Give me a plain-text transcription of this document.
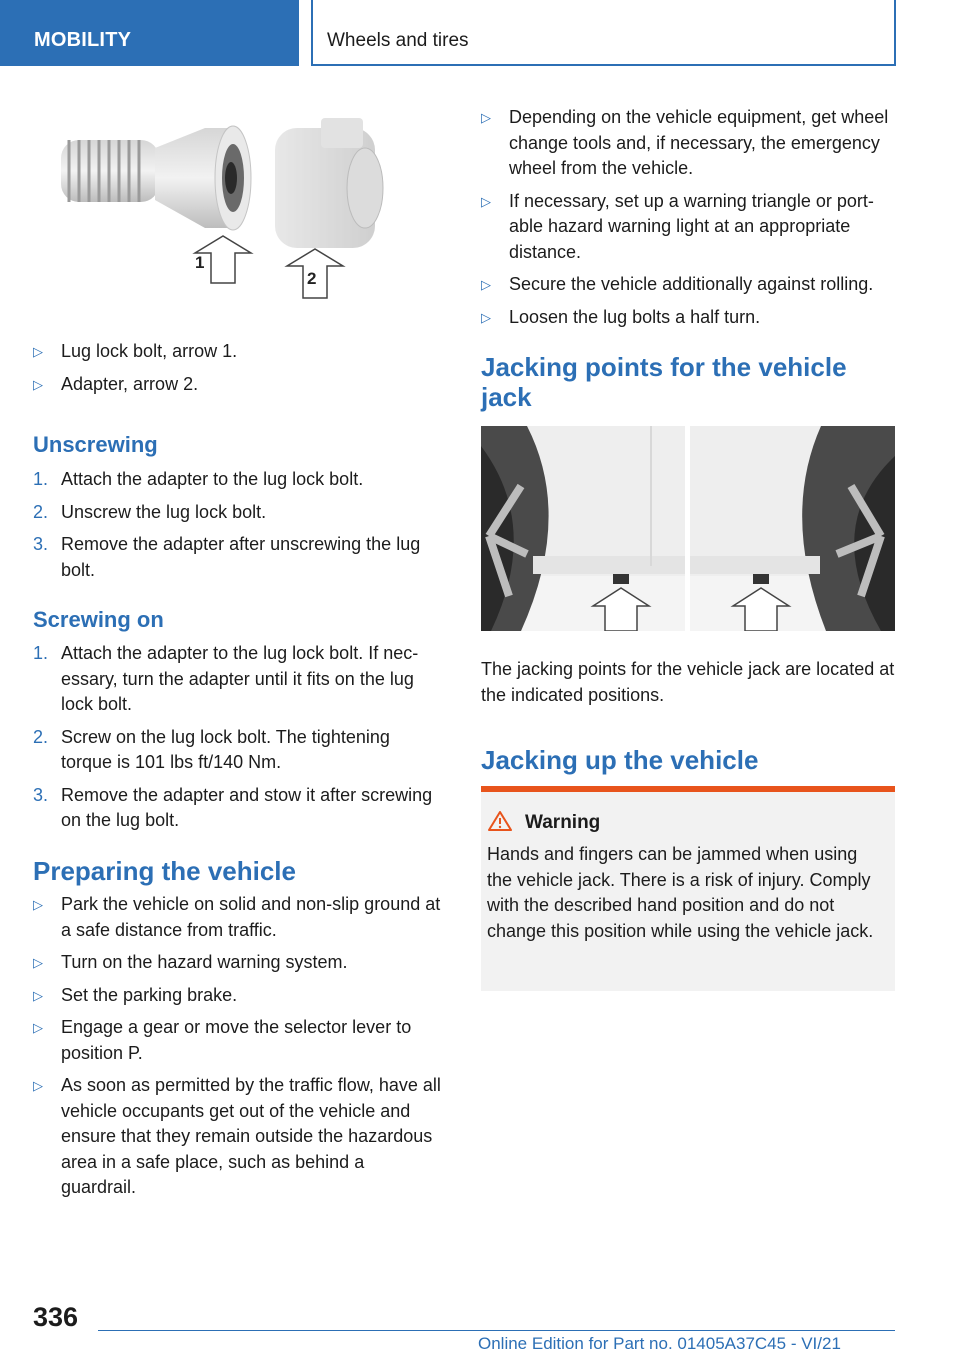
MOBILITY	Wheels and tires
1
2
▷ Lug lock bolt, arrow 1.
▷ Adapter, arrow 2.
Unscrewing
1. Attach the adapter to the lug lock bolt.
2. Unscrew the lug lock bolt.
3. Remove the adapter after unscrewing the lug bolt.
Screwing on
1. Attach the adapter to the lug lock bolt. If necessary, turn the adapter until it fits on the lug lock bolt.
2. Screw on the lug lock bolt. The tightening torque is 101 lbs ft/140 Nm.
3. Remove the adapter and stow it after screwing on the lug bolt.
Preparing the vehicle
▷ Park the vehicle on solid and non-slip ground at a safe distance from traffic.
▷ Turn on the hazard warning system.
▷ Set the parking brake.
▷ Engage a gear or move the selector lever to position P.
▷ As soon as permitted by the traffic flow, have all vehicle occupants get out of the vehicle and ensure that they remain outside the hazardous area in a safe place, such as behind a guardrail.
▷ Depending on the vehicle equipment, get wheel change tools and, if necessary, the emergency wheel from the vehicle.
▷ If necessary, set up a warning triangle or portable hazard warning light at an appropriate distance.
▷ Secure the vehicle additionally against rolling.
▷ Loosen the lug bolts a half turn.
Jacking points for the vehicle jack

The jacking points for the vehicle jack are located at the indicated positions.

Jacking up the vehicle
Warning

Hands and fingers can be jammed when using the vehicle jack. There is a risk of injury. Comply with the described hand position and do not change this position while using the vehicle jack.

336
Online Edition for Part no. 01405A37C45 - VI/21
